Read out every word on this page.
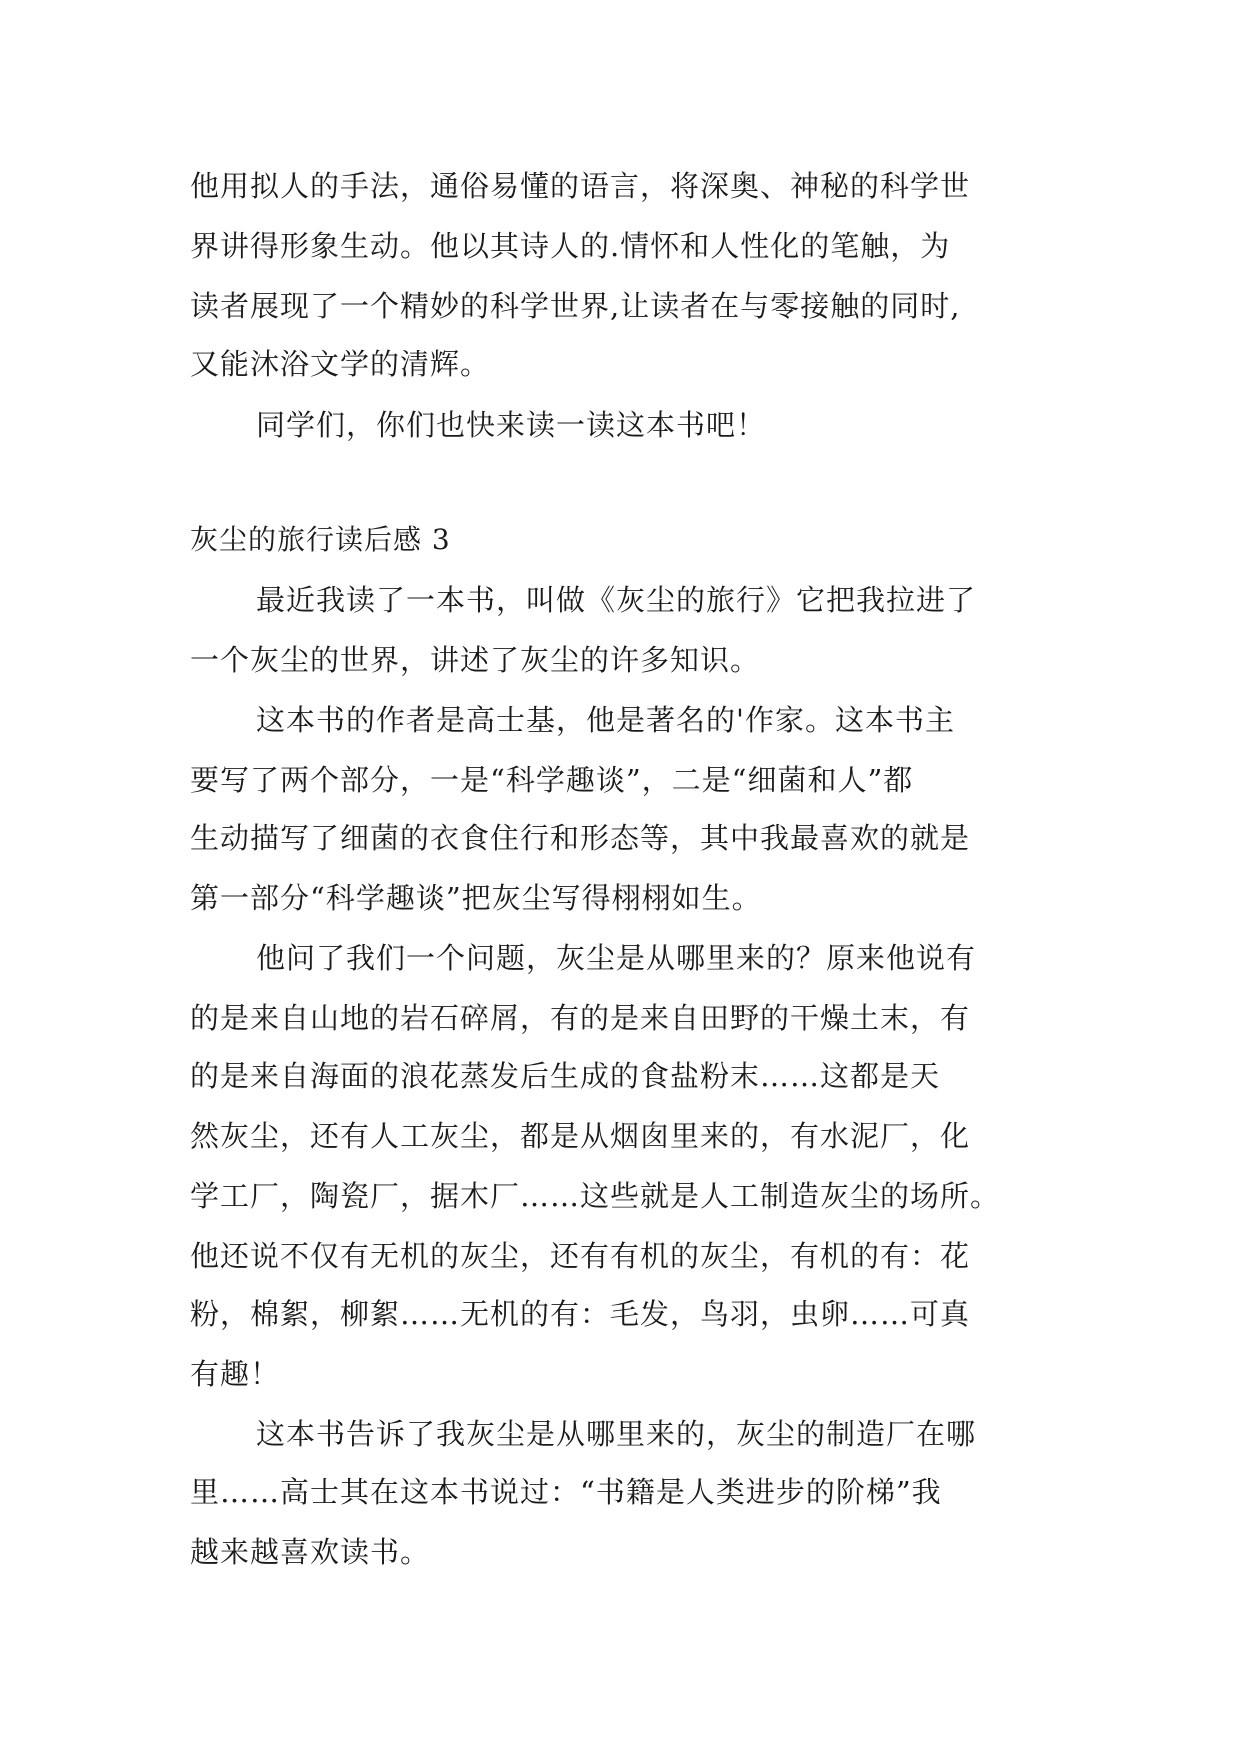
他用拟人的手法，通俗易懂的语言，将深奥、神秘的科学世
界讲得形象生动。他以其诗人的.情怀和人性化的笔触，为
读者展现了一个精妙的科学世界,让读者在与零接触的同时,
又能沐浴文学的清辉。
同学们，你们也快来读一读这本书吧！
灰尘的旅行读后感 3
最近我读了一本书，叫做《灰尘的旅行》它把我拉进了
一个灰尘的世界，讲述了灰尘的许多知识。
这本书的作者是高士基，他是著名的'作家。这本书主
要写了两个部分，一是“科学趣谈”，二是“细菌和人”都
生动描写了细菌的衣食住行和形态等，其中我最喜欢的就是
第一部分“科学趣谈”把灰尘写得栩栩如生。
他问了我们一个问题，灰尘是从哪里来的？原来他说有
的是来自山地的岩石碎屑，有的是来自田野的干燥土末，有
的是来自海面的浪花蒸发后生成的食盐粉末……这都是天
然灰尘，还有人工灰尘，都是从烟囱里来的，有水泥厂，化
学工厂，陶瓷厂，据木厂……这些就是人工制造灰尘的场所。
他还说不仅有无机的灰尘，还有有机的灰尘，有机的有：花
粉，棉絮，柳絮……无机的有：毛发，鸟羽，虫卵……可真
有趣！
这本书告诉了我灰尘是从哪里来的，灰尘的制造厂在哪
里……高士其在这本书说过：“书籍是人类进步的阶梯”我
越来越喜欢读书。
